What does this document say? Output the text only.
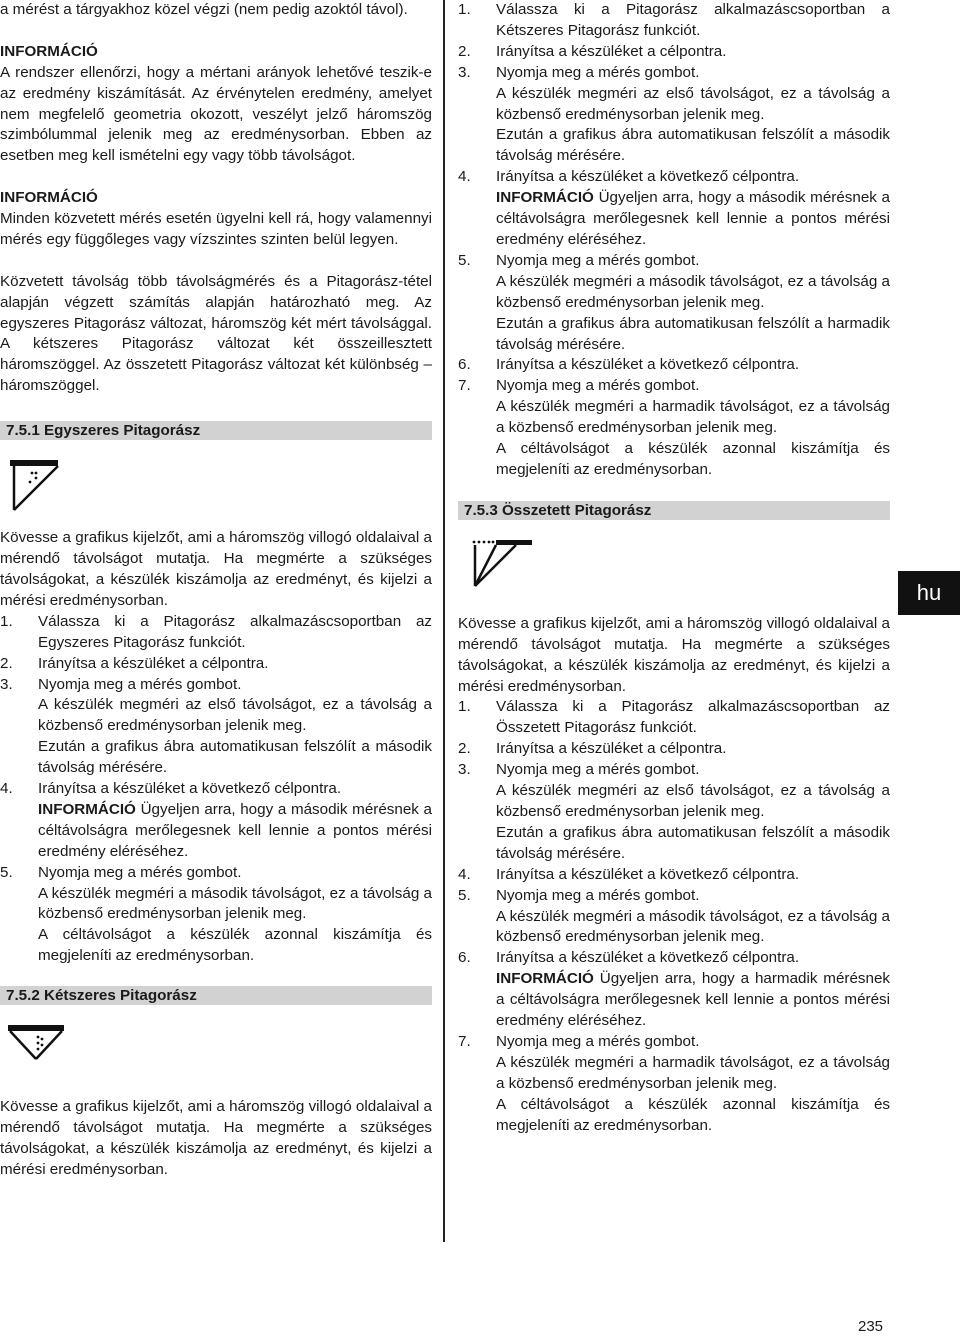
a mérést a tárgyakhoz közel végzi (nem pedig azoktól távol).

INFORMÁCIÓ

A rendszer ellenőrzi, hogy a mértani arányok lehetővé teszik-e az eredmény kiszámítását. Az érvénytelen eredmény, amelyet nem megfelelő geometria okozott, veszélyt jelző háromszög szimbólummal jelenik meg az eredménysorban. Ebben az esetben meg kell ismételni egy vagy több távolságot.

INFORMÁCIÓ

Minden közvetett mérés esetén ügyelni kell rá, hogy valamennyi mérés egy függőleges vagy vízszintes szinten belül legyen.

Közvetett távolság több távolságmérés és a Pitagorász-tétel alapján végzett számítás alapján határozható meg. Az egyszeres Pitagorász változat, háromszög két mért távolsággal. A kétszeres Pitagorász változat két összeillesztett háromszöggel. Az összetett Pitagorász változat két különbség – háromszöggel.

7.5.1 Egyszeres Pitagorász

Kövesse a grafikus kijelzőt, ami a háromszög villogó oldalaival a mérendő távolságot mutatja. Ha megmérte a szükséges távolságokat, a készülék kiszámolja az eredményt, és kijelzi a mérési eredménysorban.

1.	Válassza ki a Pitagorász alkalmazáscsoportban az Egyszeres Pitagorász funkciót.
2.	Irányítsa a készüléket a célpontra.
3.	Nyomja meg a mérés gombot.
A készülék megméri az első távolságot, ez a távolság a közbenső eredménysorban jelenik meg.
Ezután a grafikus ábra automatikusan felszólít a második távolság mérésére.
4.	Irányítsa a készüléket a következő célpontra.
INFORMÁCIÓ Ügyeljen arra, hogy a második mérésnek a céltávolságra merőlegesnek kell lennie a pontos mérési eredmény eléréséhez.
5.	Nyomja meg a mérés gombot.
A készülék megméri a második távolságot, ez a távolság a közbenső eredménysorban jelenik meg.
A céltávolságot a készülék azonnal kiszámítja és megjeleníti az eredménysorban.
7.5.2 Kétszeres Pitagorász

Kövesse a grafikus kijelzőt, ami a háromszög villogó oldalaival a mérendő távolságot mutatja. Ha megmérte a szükséges távolságokat, a készülék kiszámolja az eredményt, és kijelzi a mérési eredménysorban.

1.	Válassza ki a Pitagorász alkalmazáscsoportban a Kétszeres Pitagorász funkciót.
2.	Irányítsa a készüléket a célpontra.
3.	Nyomja meg a mérés gombot.
A készülék megméri az első távolságot, ez a távolság a közbenső eredménysorban jelenik meg.
Ezután a grafikus ábra automatikusan felszólít a második távolság mérésére.
4.	Irányítsa a készüléket a következő célpontra.
INFORMÁCIÓ Ügyeljen arra, hogy a második mérésnek a céltávolságra merőlegesnek kell lennie a pontos mérési eredmény eléréséhez.
5.	Nyomja meg a mérés gombot.
A készülék megméri a második távolságot, ez a távolság a közbenső eredménysorban jelenik meg.
Ezután a grafikus ábra automatikusan felszólít a harmadik távolság mérésére.
6.	Irányítsa a készüléket a következő célpontra.
7.	Nyomja meg a mérés gombot.
A készülék megméri a harmadik távolságot, ez a távolság a közbenső eredménysorban jelenik meg.
A céltávolságot a készülék azonnal kiszámítja és megjeleníti az eredménysorban.
7.5.3 Összetett Pitagorász

Kövesse a grafikus kijelzőt, ami a háromszög villogó oldalaival a mérendő távolságot mutatja. Ha megmérte a szükséges távolságokat, a készülék kiszámolja az eredményt, és kijelzi a mérési eredménysorban.

1.	Válassza ki a Pitagorász alkalmazáscsoportban az Összetett Pitagorász funkciót.
2.	Irányítsa a készüléket a célpontra.
3.	Nyomja meg a mérés gombot.
A készülék megméri az első távolságot, ez a távolság a közbenső eredménysorban jelenik meg.
Ezután a grafikus ábra automatikusan felszólít a második távolság mérésére.
4.	Irányítsa a készüléket a következő célpontra.
5.	Nyomja meg a mérés gombot.
A készülék megméri a második távolságot, ez a távolság a közbenső eredménysorban jelenik meg.
6.	Irányítsa a készüléket a következő célpontra.
INFORMÁCIÓ Ügyeljen arra, hogy a harmadik mérésnek a céltávolságra merőlegesnek kell lennie a pontos mérési eredmény eléréséhez.
7.	Nyomja meg a mérés gombot.
A készülék megméri a harmadik távolságot, ez a távolság a közbenső eredménysorban jelenik meg.
A céltávolságot a készülék azonnal kiszámítja és megjeleníti az eredménysorban.
hu
235
